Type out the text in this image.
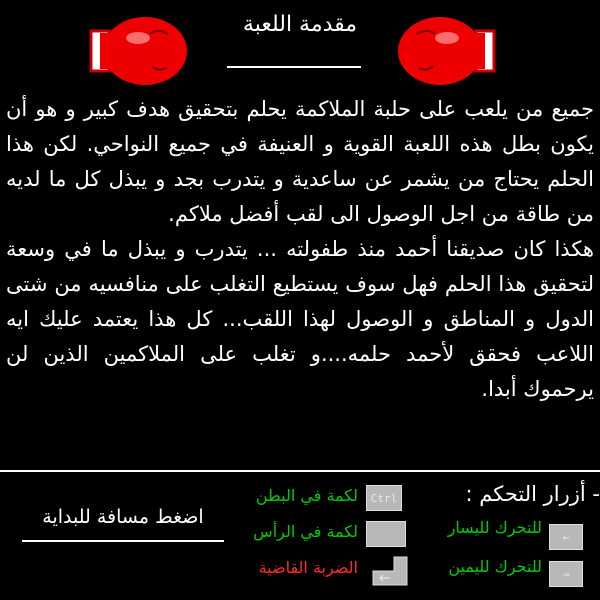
مقدمة اللعبة

جميع من يلعب على حلبة الملاكمة يحلم بتحقيق هدف كبير و هو أن يكون بطل هذه اللعبة القوية و العنيفة في جميع النواحي. لكن هذا الحلم يحتاج من يشمر عن ساعدية و يتدرب بجد و يبذل كل ما لديه من طاقة من اجل الوصول الى لقب أفضل ملاكم.

هكذا كان صديقنا أحمد منذ طفولته ... يتدرب و يبذل ما في وسعة لتحقيق هذا الحلم فهل سوف يستطيع التغلب على منافسيه من شتى الدول و المناطق و الوصول لهذا اللقب... كل هذا يعتمد عليك ايه اللاعب فحقق لأحمد حلمه....و تغلب على الملاكمين الذين لن يرحموك أبدا.

اضغط مسافة للبداية
- أزرار التحكم :
لكمة في البطن	Ctrl
لكمة في الرأس
الضربة القاضية
للتحرك لليسار	←
للتحرك لليمين	→
